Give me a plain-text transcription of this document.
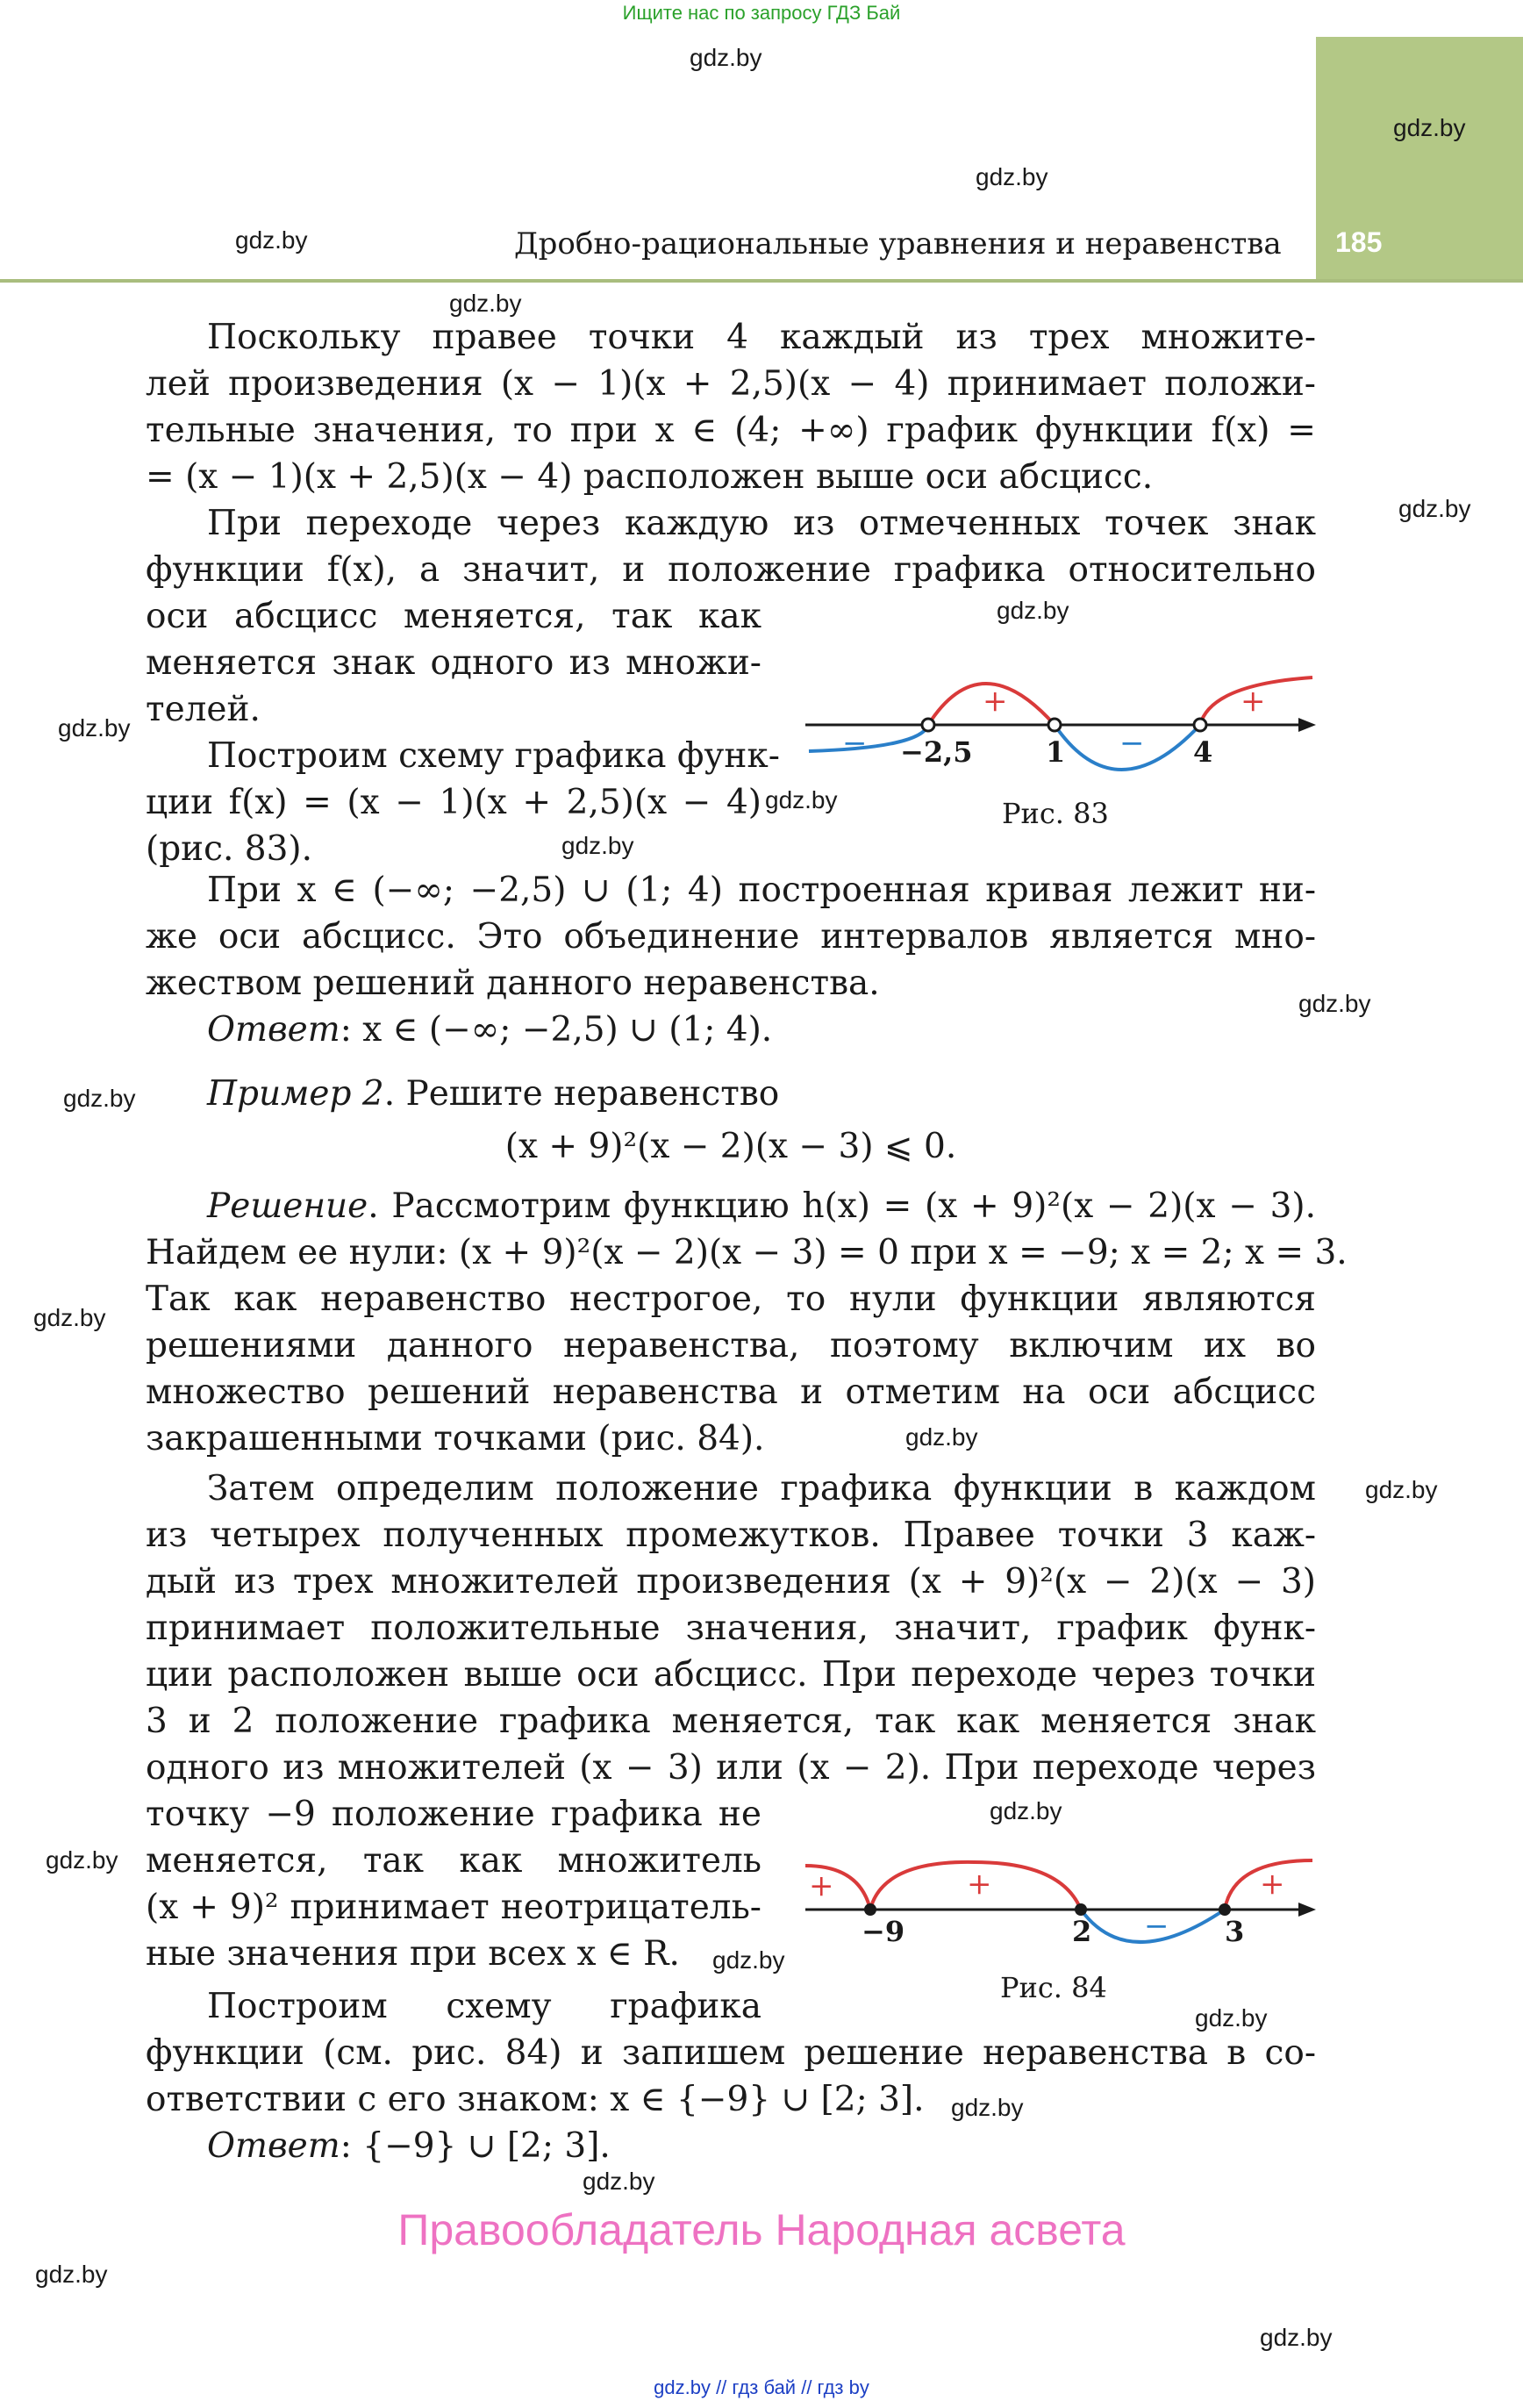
Ищите нас по запросу ГДЗ Бай
185
Дробно-рациональные уравнения и неравенства
gdz.by
gdz.by
gdz.by
gdz.by
gdz.by
gdz.by
gdz.by
gdz.by
gdz.by
gdz.by
gdz.by
gdz.by
gdz.by
gdz.by
gdz.by
gdz.by
gdz.by
gdz.by
gdz.by
gdz.by
gdz.by
gdz.by
gdz.by
Поскольку правее точки 4 каждый из трех множите-
лей произведения (x − 1)(x + 2,5)(x − 4) принимает положи-
тельные значения, то при x ∈ (4; +∞) график функции f(x) =
= (x − 1)(x + 2,5)(x − 4) расположен выше оси абсцисс.
При переходе через каждую из отмеченных точек знак
функции f(x), а значит, и положение графика относительно
оси абсцисс меняется, так как
меняется знак одного из множи-
телей.
Построим схему графика функ-
ции f(x) = (x − 1)(x + 2,5)(x − 4)
(рис. 83).
−2,5	1	4
−
+
−
+
Рис. 83
При x ∈ (−∞; −2,5) ∪ (1; 4) построенная кривая лежит ни-
же оси абсцисс. Это объединение интервалов является мно-
жеством решений данного неравенства.
Ответ: x ∈ (−∞; −2,5) ∪ (1; 4).
Пример 2. Решите неравенство
(x + 9)²(x − 2)(x − 3) ⩽ 0.
Решение. Рассмотрим функцию h(x) = (x + 9)²(x − 2)(x − 3).
Найдем ее нули: (x + 9)²(x − 2)(x − 3) = 0 при x = −9; x = 2; x = 3.
Так как неравенство нестрогое, то нули функции являются
решениями данного неравенства, поэтому включим их во
множество решений неравенства и отметим на оси абсцисс
закрашенными точками (рис. 84).
Затем определим положение графика функции в каждом
из четырех полученных промежутков. Правее точки 3 каж-
дый из трех множителей произведения (x + 9)²(x − 2)(x − 3)
принимает положительные значения, значит, график функ-
ции расположен выше оси абсцисс. При переходе через точки
3 и 2 положение графика меняется, так как меняется знак
одного из множителей (x − 3) или (x − 2). При переходе через
точку −9 положение графика не
меняется, так как множитель
(x + 9)² принимает неотрицатель-
ные значения при всех x ∈ R.
−9	2	3
+	+
−
+
Рис. 84
Построим схему графика
функции (см. рис. 84) и запишем решение неравенства в со-
ответствии с его знаком: x ∈ {−9} ∪ [2; 3].
Ответ: {−9} ∪ [2; 3].
Правообладатель Народная асвета
gdz.by // гдз бай // гдз by
